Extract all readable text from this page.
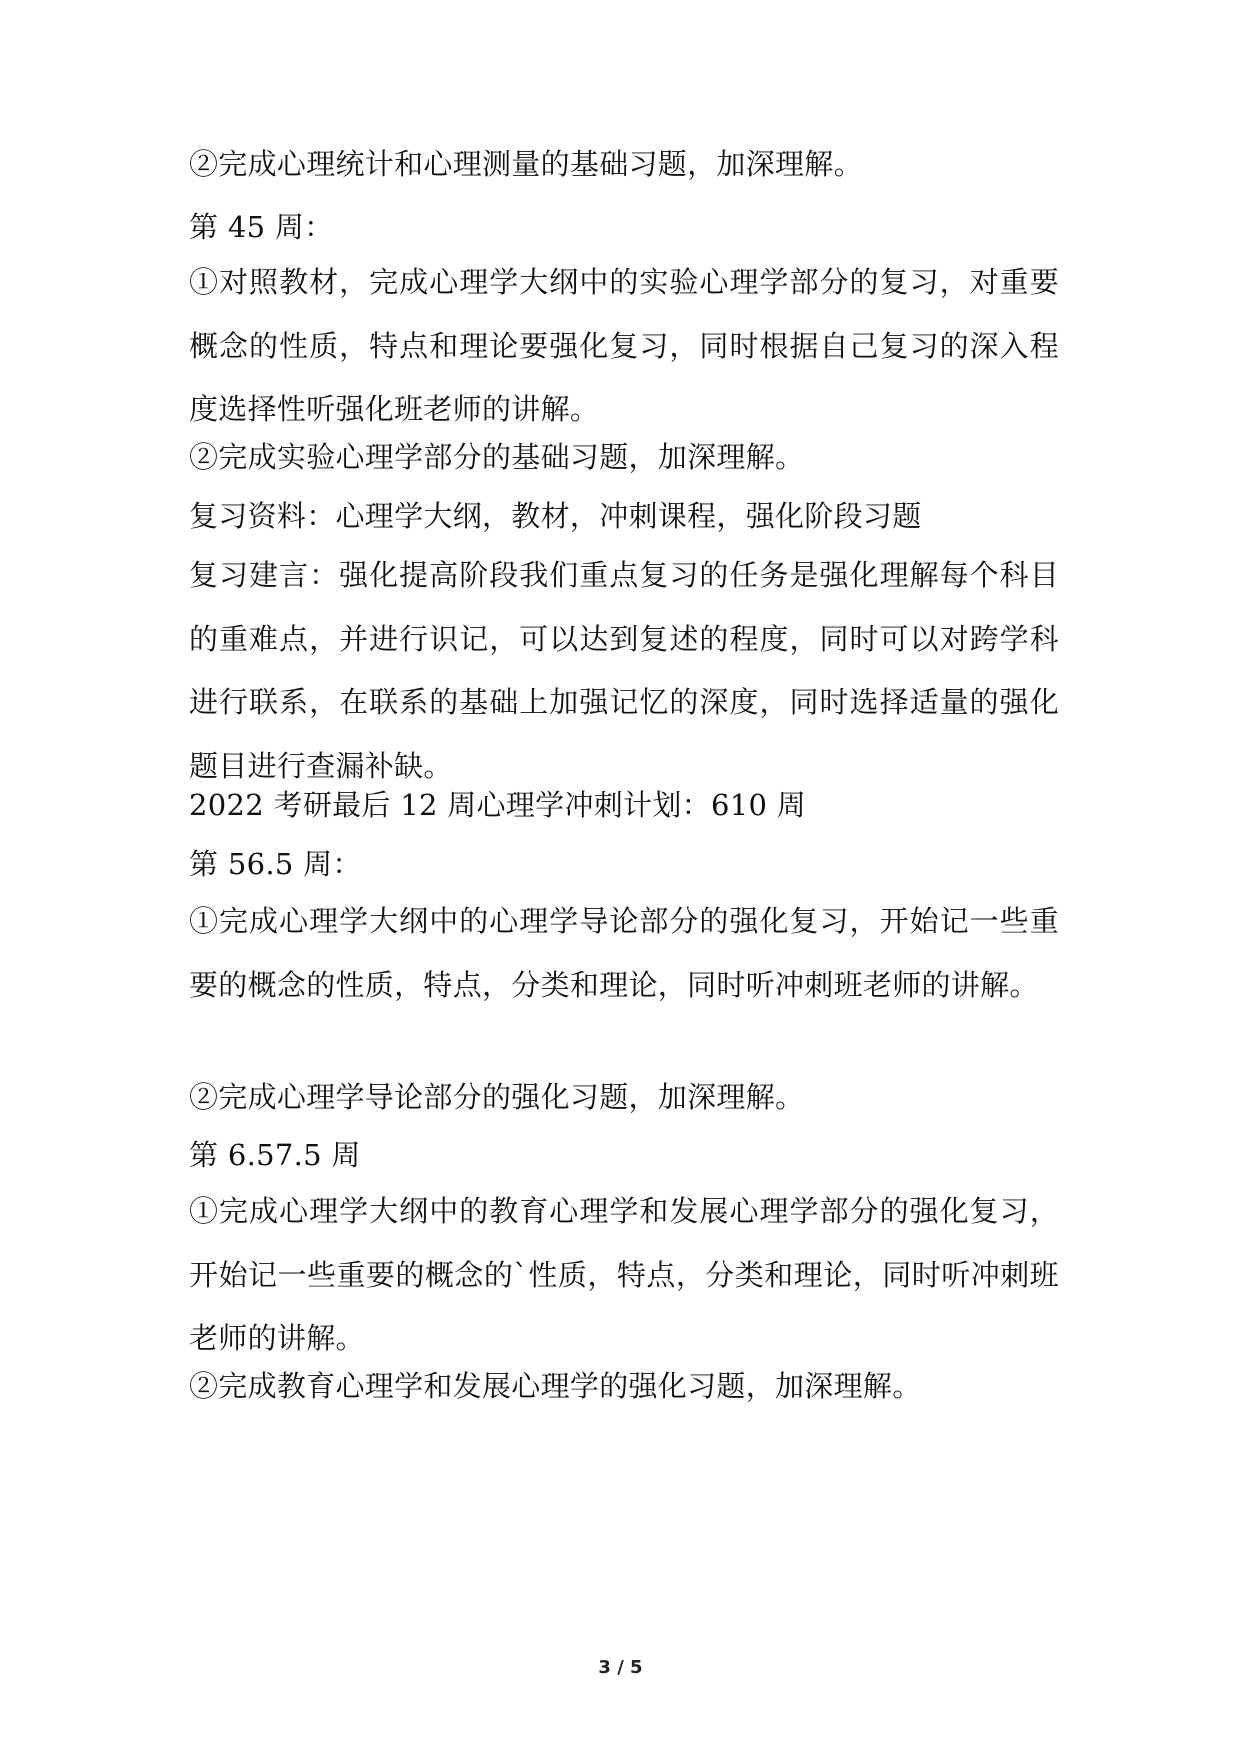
②完成心理统计和心理测量的基础习题，加深理解。
第 45 周：
①对照教材，完成心理学大纲中的实验心理学部分的复习，对重要概念的性质，特点和理论要强化复习，同时根据自己复习的深入程度选择性听强化班老师的讲解。
②完成实验心理学部分的基础习题，加深理解。
复习资料：心理学大纲，教材，冲刺课程，强化阶段习题
复习建言：强化提高阶段我们重点复习的任务是强化理解每个科目的重难点，并进行识记，可以达到复述的程度，同时可以对跨学科进行联系，在联系的基础上加强记忆的深度，同时选择适量的强化题目进行查漏补缺。
2022 考研最后 12 周心理学冲刺计划：610 周
第 56.5 周：
①完成心理学大纲中的心理学导论部分的强化复习，开始记一些重要的概念的性质，特点，分类和理论，同时听冲刺班老师的讲解。
②完成心理学导论部分的强化习题，加深理解。
第 6.57.5 周
①完成心理学大纲中的教育心理学和发展心理学部分的强化复习，开始记一些重要的概念的`性质，特点，分类和理论，同时听冲刺班老师的讲解。
②完成教育心理学和发展心理学的强化习题，加深理解。
3 / 5
